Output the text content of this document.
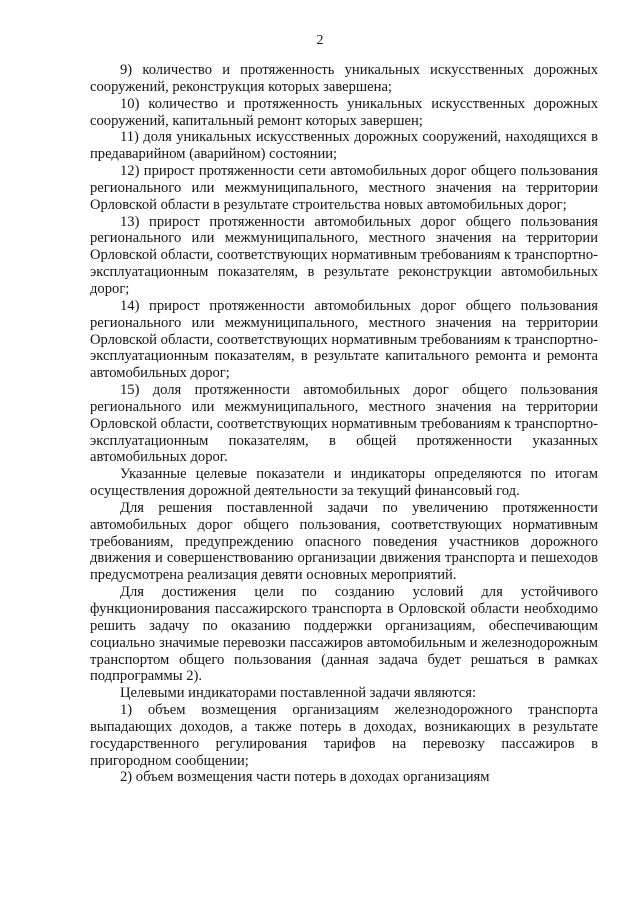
2

9) количество и протяженность уникальных искусственных дорожных сооружений, реконструкция которых завершена;

10) количество и протяженность уникальных искусственных дорожных сооружений, капитальный ремонт которых завершен;

11) доля уникальных искусственных дорожных сооружений, находящихся в предаварийном (аварийном) состоянии;

12) прирост протяженности сети автомобильных дорог общего пользования регионального или межмуниципального, местного значения на территории Орловской области в результате строительства новых автомобильных дорог;

13) прирост протяженности автомобильных дорог общего пользования регионального или межмуниципального, местного значения на территории Орловской области, соответствующих нормативным требованиям к транспортно-эксплуатационным показателям, в результате реконструкции автомобильных дорог;

14) прирост протяженности автомобильных дорог общего пользования регионального или межмуниципального, местного значения на территории Орловской области, соответствующих нормативным требованиям к транспортно-эксплуатационным показателям, в результате капитального ремонта и ремонта автомобильных дорог;

15) доля протяженности автомобильных дорог общего пользования регионального или межмуниципального, местного значения на территории Орловской области, соответствующих нормативным требованиям к транспортно-эксплуатационным показателям, в общей протяженности указанных автомобильных дорог.

Указанные целевые показатели и индикаторы определяются по итогам осуществления дорожной деятельности за текущий финансовый год.

Для решения поставленной задачи по увеличению протяженности автомобильных дорог общего пользования, соответствующих нормативным требованиям, предупреждению опасного поведения участников дорожного движения и совершенствованию организации движения транспорта и пешеходов предусмотрена реализация девяти основных мероприятий.

Для достижения цели по созданию условий для устойчивого функционирования пассажирского транспорта в Орловской области необходимо решить задачу по оказанию поддержки организациям, обеспечивающим социально значимые перевозки пассажиров автомобильным и железнодорожным транспортом общего пользования (данная задача будет решаться в рамках подпрограммы 2).

Целевыми индикаторами поставленной задачи являются:

1) объем возмещения организациям железнодорожного транспорта выпадающих доходов, а также потерь в доходах, возникающих в результате государственного регулирования тарифов на перевозку пассажиров в пригородном сообщении;

2) объем возмещения части потерь в доходах организациям
